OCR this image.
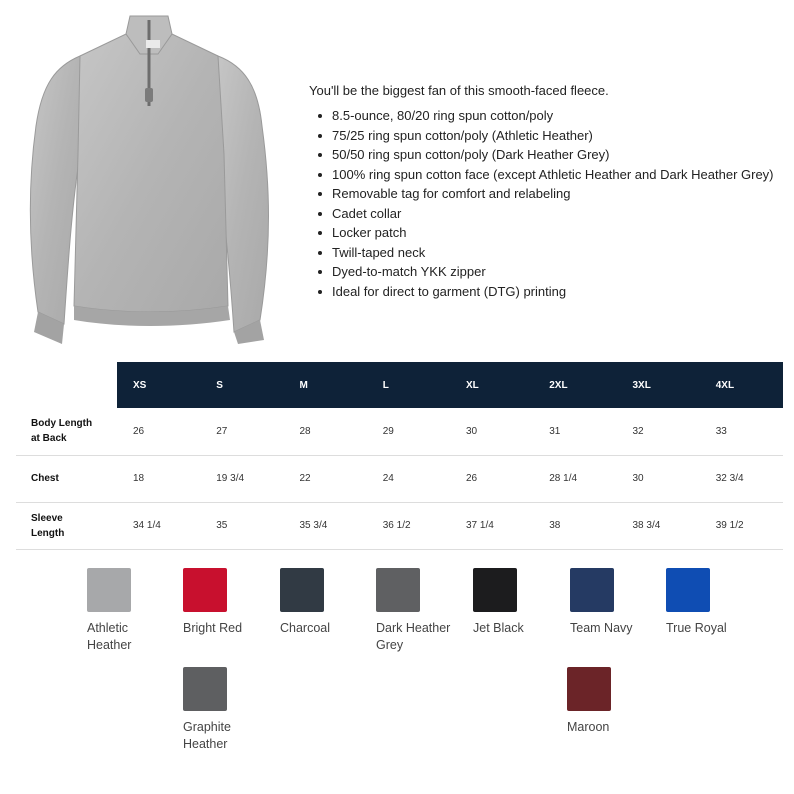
You'll be the biggest fan of this smooth-faced fleece.

8.5-ounce, 80/20 ring spun cotton/poly
75/25 ring spun cotton/poly (Athletic Heather)
50/50 ring spun cotton/poly (Dark Heather Grey)
100% ring spun cotton face (except Athletic Heather and Dark Heather Grey)
Removable tag for comfort and relabeling
Cadet collar
Locker patch
Twill-taped neck
Dyed-to-match YKK zipper
Ideal for direct to garment (DTG) printing
	XS	S	M	L	XL	2XL	3XL	4XL
Body Length
at Back	26	27	28	29	30	31	32	33
Chest	18	19 3/4	22	24	26	28 1/4	30	32 3/4
Sleeve
Length	34 1/4	35	35 3/4	36 1/2	37 1/4	38	38 3/4	39 1/2
Athletic
Heather
Bright Red	Charcoal	Dark Heather
Grey
Jet Black	Team Navy	True Royal
Graphite
Heather
Maroon
